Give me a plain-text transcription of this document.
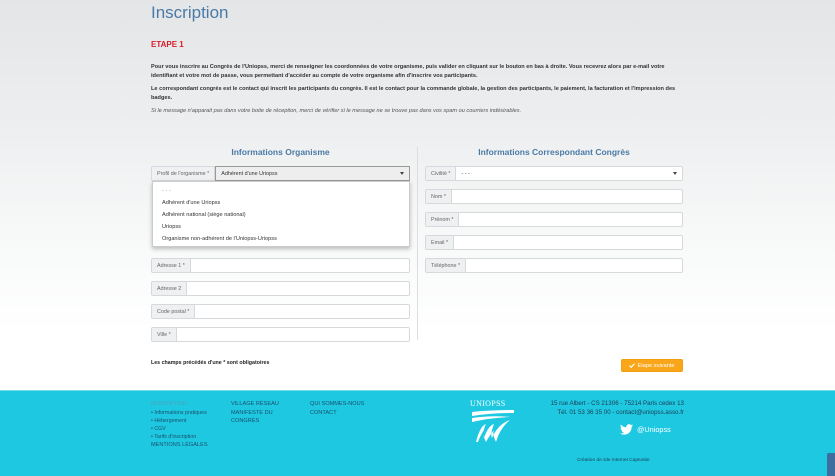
Inscription
ETAPE 1

Pour vous inscrire au Congrès de l'Uniopss, merci de renseigner les coordonnées de votre organisme, puis valider en cliquant sur le bouton en bas à droite. Vous recevrez alors par e-mail votre identifiant et votre mot de passe, vous permettant d'accéder au compte de votre organisme afin d'inscrire vos participants.

Le correspondant congrès est le contact qui inscrit les participants du congrès. Il est le contact pour la commande globale, la gestion des participants, le paiement, la facturation et l'impression des badges.

Si le message n'apparait pas dans votre boite de réception, merci de vérifier si le message ne se trouve pas dans vos spam ou courriers indésirables.

Informations Organisme
Profil de l'organisme *	Adhérent d'une Uriopss
Adresse 1 *
Adresse 2
Code postal *
Ville *
- - -
Adhérent d'une Uriopss
Adhérent national (siège national)
Uriopss
Organisme non-adhérent de l'Uniopss-Uriopss
Informations Correspondant Congrès
Civilité *	- - -
Nom *
Prénom *
Email *
Téléphone *
Les champs précédés d'une * sont obligatoires	Etape suivante
INSCRIPTION
• Informations pratiques
• Hébergement
• CGV
• Tarifs d'inscription
MENTIONS LÉGALES
VILLAGE RÉSEAU
MANIFESTE DU
CONGRÈS
QUI SOMMES-NOUS
CONTACT
UNIOPSS	15 rue Albert - CS 21306 - 75214 Paris cedex 13
Tél. 01 53 36 35 00 - contact@uniopss.asso.fr
@Uniopss
Création de site internet Captusite
